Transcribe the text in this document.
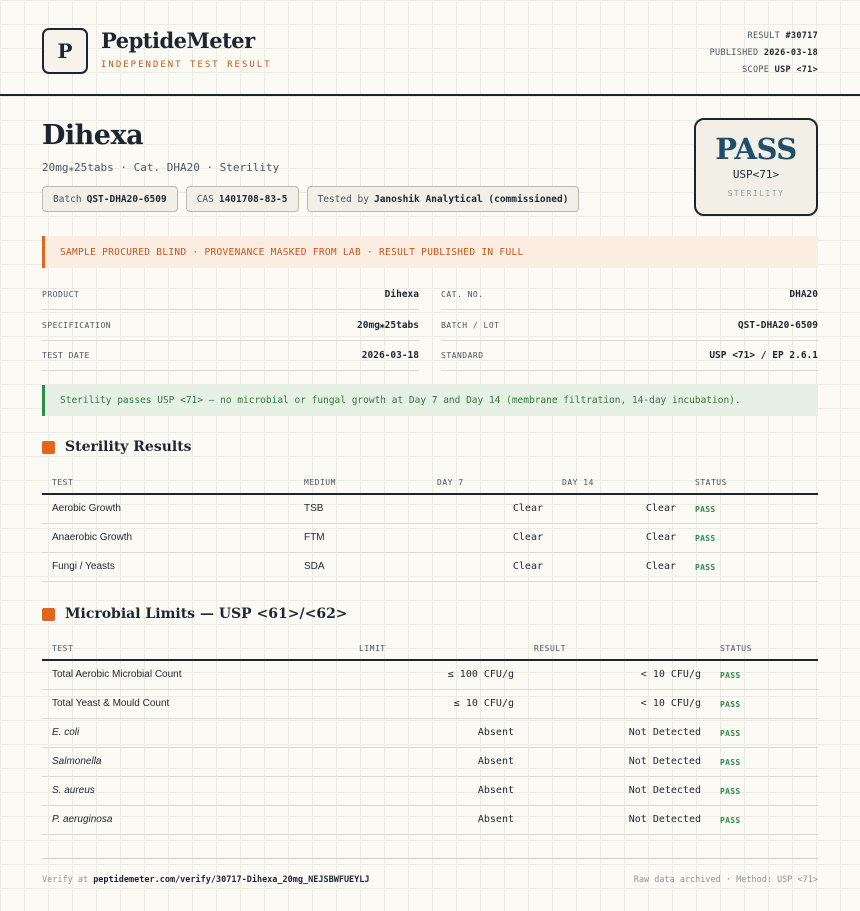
P	PeptideMeter
INDEPENDENT TEST RESULT
RESULT #30717
PUBLISHED 2026-03-18
SCOPE USP <71>
Dihexa
20mg⁎25tabs · Cat. DHA20 · Sterility
Batch QST-DHA20-6509	CAS 1401708-83-5	Tested by Janoshik Analytical (commissioned)
PASS
USP<71>
STERILITY
SAMPLE PROCURED BLIND · PROVENANCE MASKED FROM LAB · RESULT PUBLISHED IN FULL
PRODUCT	Dihexa
SPECIFICATION	20mg⁎25tabs
TEST DATE	2026-03-18
CAT. NO.	DHA20
BATCH / LOT	QST-DHA20-6509
STANDARD	USP <71> / EP 2.6.1
Sterility passes USP <71> — no microbial or fungal growth at Day 7 and Day 14 (membrane filtration, 14-day incubation).
Sterility Results
TEST	MEDIUM	DAY 7	DAY 14	STATUS
Aerobic Growth	TSB	Clear	Clear PASS
Anaerobic Growth	FTM	Clear	Clear PASS
Fungi / Yeasts	SDA	Clear	Clear PASS
Microbial Limits — USP <61>/<62>
TEST	LIMIT	RESULT	STATUS
Total Aerobic Microbial Count	≤ 100 CFU/g	< 10 CFU/g PASS
Total Yeast & Mould Count	≤ 10 CFU/g	< 10 CFU/g PASS
E. coli	Absent	Not Detected PASS
Salmonella	Absent	Not Detected PASS
S. aureus	Absent	Not Detected PASS
P. aeruginosa	Absent	Not Detected PASS
Verify at peptidemeter.com/verify/30717-Dihexa_20mg_NEJSBWFUEYLJ	Raw data archived · Method: USP <71>
